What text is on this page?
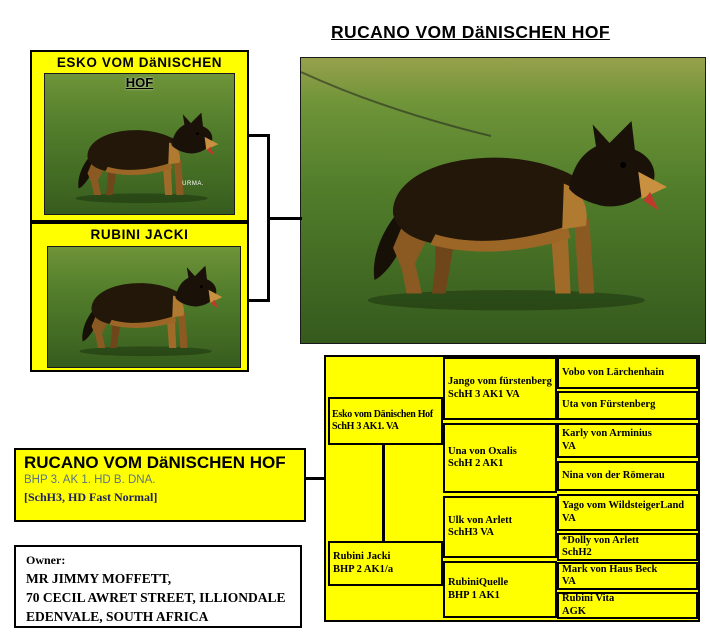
RUCANO VOM DäNISCHEN HOF
ESKO VOM DäNISCHEN
HOF
URMA.
RUBINI JACKI
RUCANO VOM DäNISCHEN HOF
BHP 3. AK 1. HD B. DNA.
[SchH3, HD Fast Normal]
Owner:
MR JIMMY MOFFETT,
70 CECIL AWRET STREET, ILLIONDALE
EDENVALE, SOUTH AFRICA
Esko vom Dänischen Hof
SchH 3 AK1. VA
Rubini Jacki
BHP 2 AK1/a
Jango vom fürstenberg
SchH 3 AK1 VA
Una von Oxalis
SchH 2 AK1
Ulk von Arlett
SchH3 VA
RubiniQuelle
BHP 1 AK1
Vobo von Lärchenhain
Uta von Fürstenberg
Karly von Arminius
VA
Nina von der Römerau
Yago vom WildsteigerLand
VA
*Dolly von Arlett
SchH2
Mark von Haus Beck
VA
Rubini Vita
AGK
